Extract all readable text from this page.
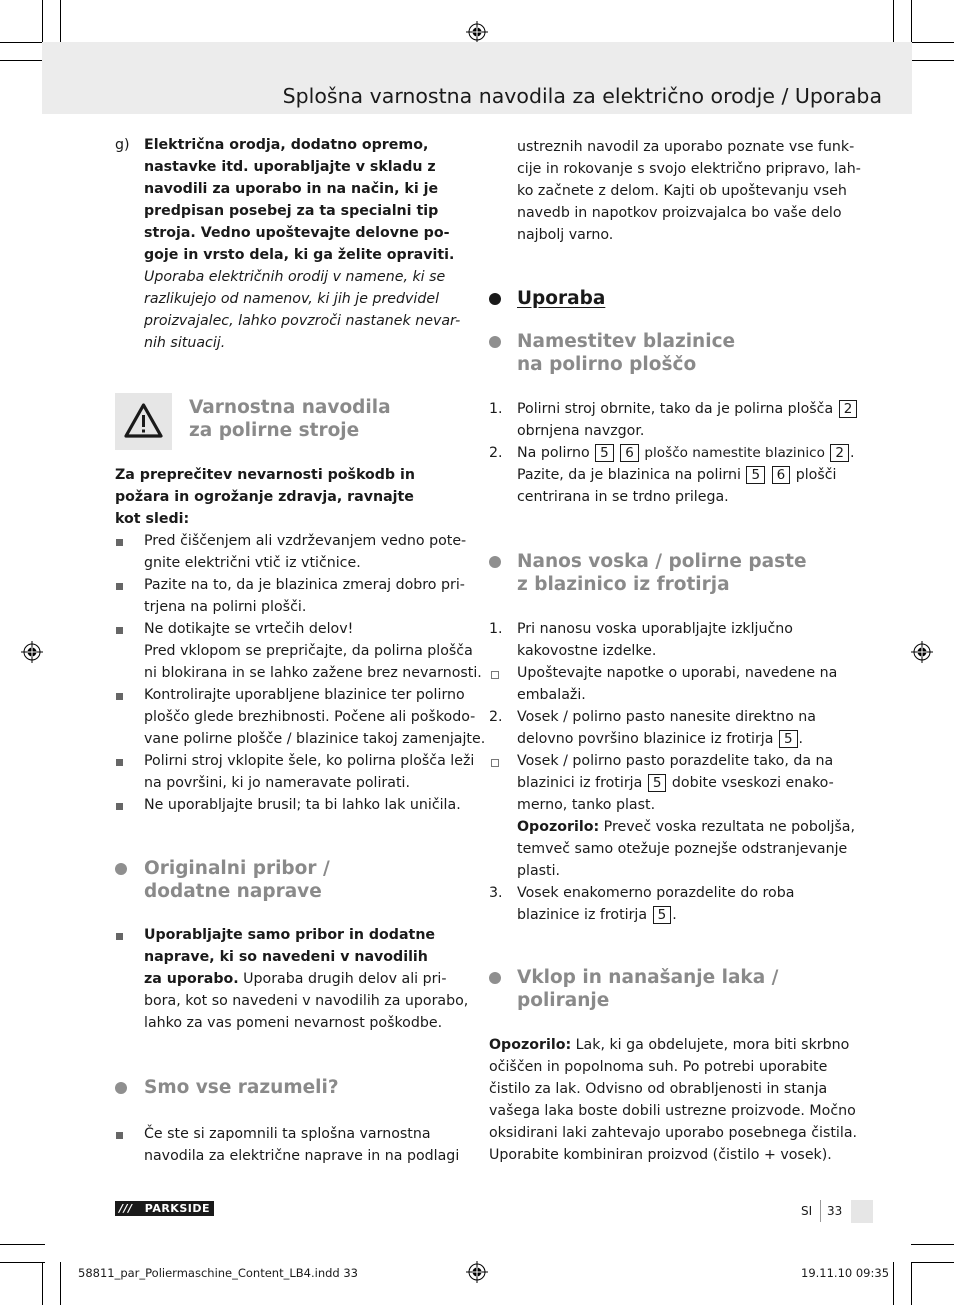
Splošna varnostna navodila za električno orodje / Uporaba
g) Električna orodja, dodatno opremo,
nastavke itd. uporabljajte v skladu z
navodili za uporabo in na način, ki je
predpisan posebej za ta specialni tip
stroja. Vedno upoštevajte delovne po-
goje in vrsto dela, ki ga želite opraviti.
Uporaba električnih orodij v namene, ki se
razlikujejo od namenov, ki jih je predvidel
proizvajalec, lahko povzroči nastanek nevar-
nih situacij.
Varnostna navodila
za polirne stroje
Za preprečitev nevarnosti poškodb in
požara in ogrožanje zdravja, ravnajte
kot sledi:
Pred čiščenjem ali vzdrževanjem vedno pote-
gnite električni vtič iz vtičnice.
Pazite na to, da je blazinica zmeraj dobro pri-
trjena na polirni plošči.
Ne dotikajte se vrtečih delov!
Pred vklopom se prepričajte, da polirna plošča
ni blokirana in se lahko zažene brez nevarnosti.
Kontrolirajte uporabljene blazinice ter polirno
ploščo glede brezhibnosti. Počene ali poškodo-
vane polirne plošče / blazinice takoj zamenjajte.
Polirni stroj vklopite šele, ko polirna plošča leži
na površini, ki jo nameravate polirati.
Ne uporabljajte brusil; ta bi lahko lak uničila.
Originalni pribor /
dodatne naprave
Uporabljajte samo pribor in dodatne
naprave, ki so navedeni v navodilih
za uporabo. Uporaba drugih delov ali pri-
bora, kot so navedeni v navodilih za uporabo,
lahko za vas pomeni nevarnost poškodbe.
Smo vse razumeli?
Če ste si zapomnili ta splošna varnostna
navodila za električne naprave in na podlagi
ustreznih navodil za uporabo poznate vse funk-
cije in rokovanje s svojo električno pripravo, lah-
ko začnete z delom. Kajti ob upoštevanju vseh
navedb in napotkov proizvajalca bo vaše delo
najbolj varno.
Uporaba
Namestitev blazinice
na polirno ploščo
1. Polirni stroj obrnite, tako da je polirna plošča 2
obrnjena navzgor.
2. Na polirno 5 6 ploščo namestite blazinico 2 .
Pazite, da je blazinica na polirni 5 6 plošči
centrirana in se trdno prilega.
Nanos voska / polirne paste
z blazinico iz frotirja
1. Pri nanosu voska uporabljajte izključno
kakovostne izdelke.
Upoštevajte napotke o uporabi, navedene na
embalaži.
2. Vosek / polirno pasto nanesite direktno na
delovno površino blazinice iz frotirja 5 .
Vosek / polirno pasto porazdelite tako, da na
blazinici iz frotirja 5 dobite vseskozi enako-
merno, tanko plast.
Opozorilo: Preveč voska rezultata ne poboljša,
temveč samo otežuje poznejše odstranjevanje
plasti.
3. Vosek enakomerno porazdelite do roba
blazinice iz frotirja 5 .
Vklop in nanašanje laka /
poliranje
Opozorilo: Lak, ki ga obdelujete, mora biti skrbno
očiščen in popolnoma suh. Po potrebi uporabite
čistilo za lak. Odvisno od obrabljenosti in stanja
vašega laka boste dobili ustrezne proizvode. Močno
oksidirani laki zahtevajo uporabo posebnega čistila.
Uporabite kombiniran proizvod (čistilo + vosek).
/// PARKSIDE	SI 33
58811_par_Poliermaschine_Content_LB4.indd 33	19.11.10 09:35
